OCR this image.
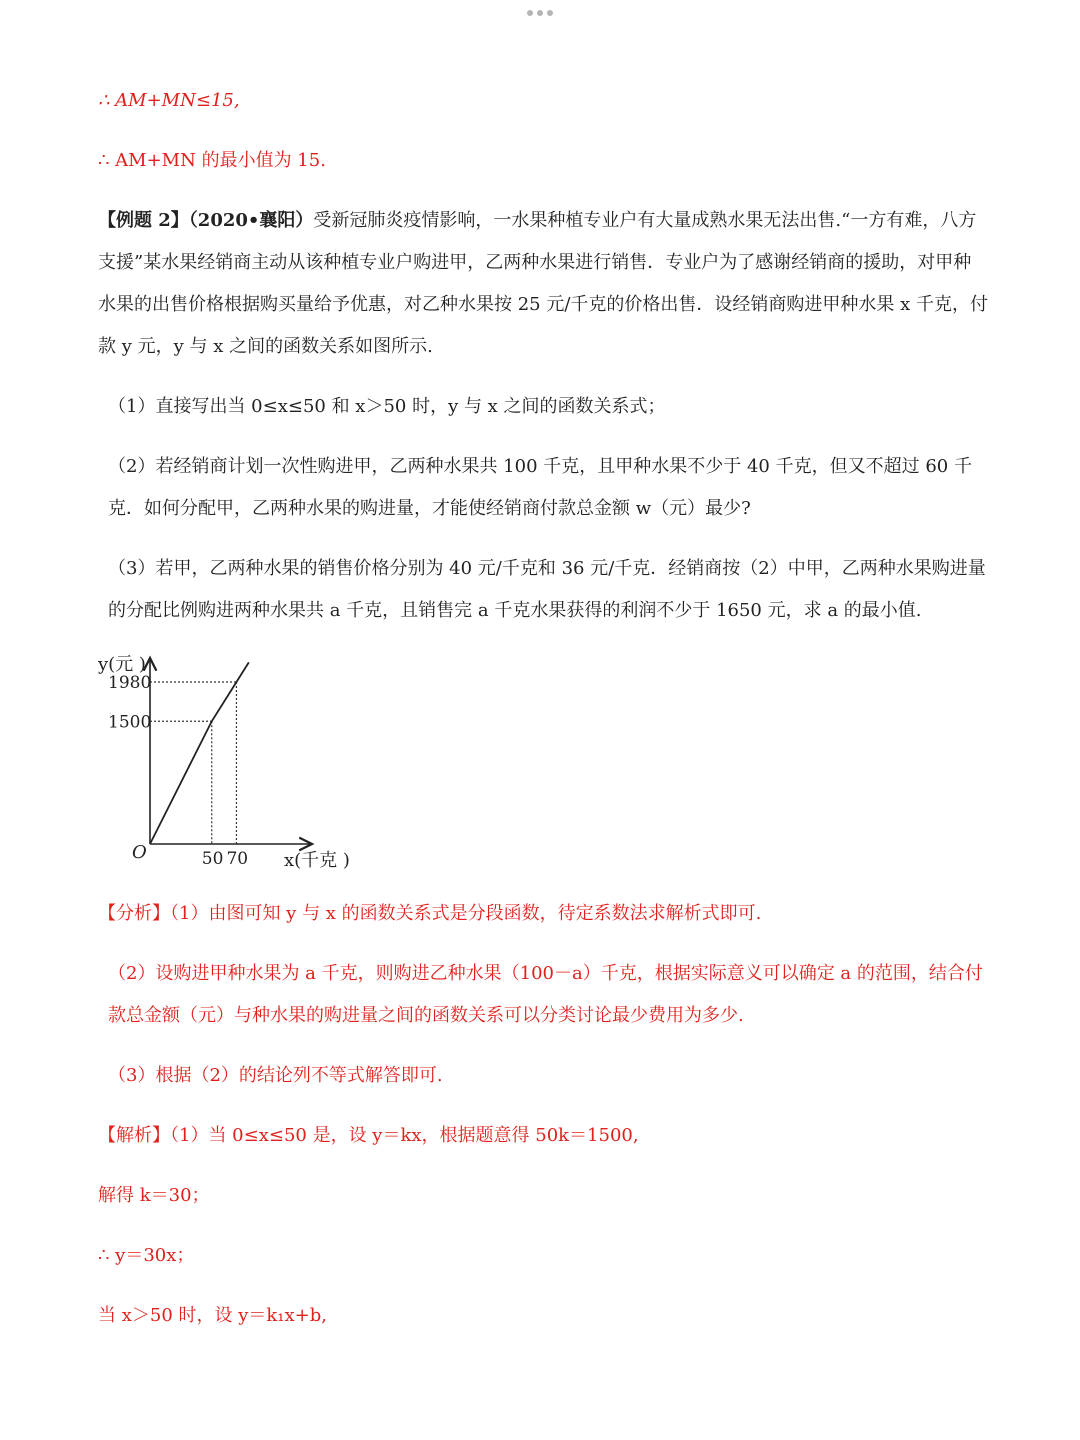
∴ AM+MN≤15,

∴ AM+MN 的最小值为 15.

【例题 2】（2020•襄阳）受新冠肺炎疫情影响，一水果种植专业户有大量成熟水果无法出售.“一方有难，八方支援”某水果经销商主动从该种植专业户购进甲，乙两种水果进行销售．专业户为了感谢经销商的援助，对甲种水果的出售价格根据购买量给予优惠，对乙种水果按 25 元/千克的价格出售．设经销商购进甲种水果 x 千克，付款 y 元，y 与 x 之间的函数关系如图所示.

（1）直接写出当 0≤x≤50 和 x＞50 时，y 与 x 之间的函数关系式；

（2）若经销商计划一次性购进甲，乙两种水果共 100 千克，且甲种水果不少于 40 千克，但又不超过 60 千克．如何分配甲，乙两种水果的购进量，才能使经销商付款总金额 w（元）最少?

（3）若甲，乙两种水果的销售价格分别为 40 元/千克和 36 元/千克．经销商按（2）中甲，乙两种水果购进量的分配比例购进两种水果共 a 千克，且销售完 a 千克水果获得的利润不少于 1650 元，求 a 的最小值.

50 70
1980
1500
y(元 )
x(千克 )
O

【分析】（1）由图可知 y 与 x 的函数关系式是分段函数，待定系数法求解析式即可.

（2）设购进甲种水果为 a 千克，则购进乙种水果（100－a）千克，根据实际意义可以确定 a 的范围，结合付款总金额（元）与种水果的购进量之间的函数关系可以分类讨论最少费用为多少.

（3）根据（2）的结论列不等式解答即可.

【解析】（1）当 0≤x≤50 是，设 y＝kx，根据题意得 50k＝1500,

解得 k＝30；

∴ y＝30x；

当 x＞50 时，设 y＝k₁x+b,
